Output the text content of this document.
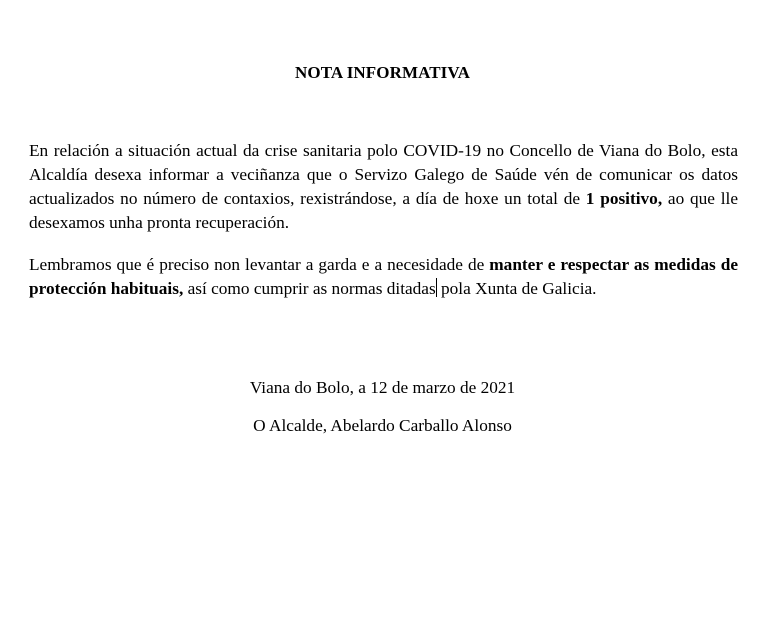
NOTA INFORMATIVA

En relación a situación actual da crise sanitaria polo COVID-19 no Concello de Viana do Bolo, esta Alcaldía desexa informar a veciñanza que o Servizo Galego de Saúde vén de comunicar os datos actualizados no número de contaxios, rexistrándose, a día de hoxe un total de 1 positivo, ao que lle desexamos unha pronta recuperación.

Lembramos que é preciso non levantar a garda e a necesidade de manter e respectar as medidas de protección habituais, así como cumprir as normas ditadas pola Xunta de Galicia.

Viana do Bolo, a 12 de marzo de 2021
O Alcalde, Abelardo Carballo Alonso
